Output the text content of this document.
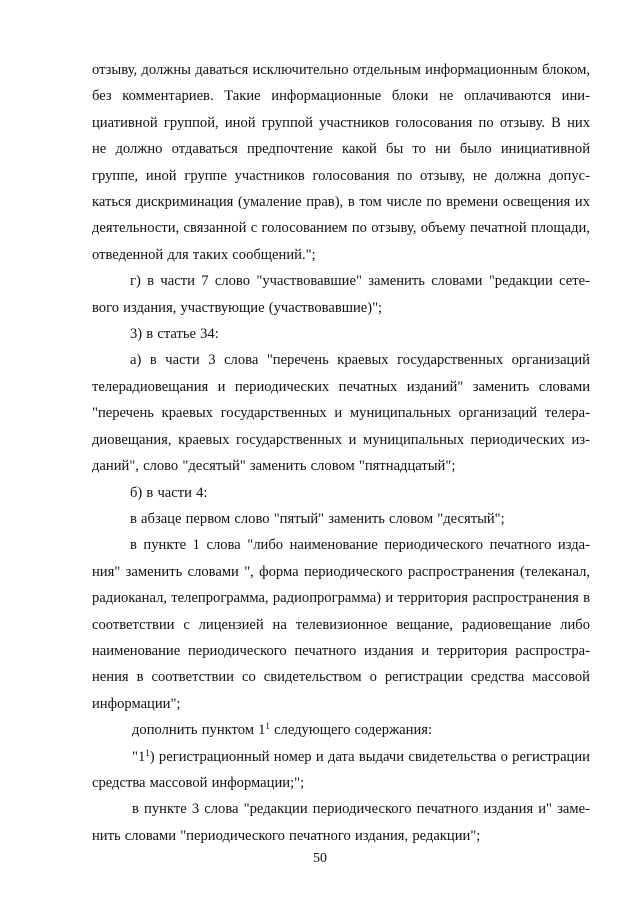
отзыву, должны даваться исключительно отдельным информационным блоком, без комментариев. Такие информационные блоки не оплачиваются инициативной группой, иной группой участников голосования по отзыву. В них не должно отдаваться предпочтение какой бы то ни было инициативной группе, иной группе участников голосования по отзыву, не должна допускаться дискриминация (умаление прав), в том числе по времени освещения их деятельности, связанной с голосованием по отзыву, объему печатной площади, отведенной для таких сообщений.";

г) в части 7 слово "участвовавшие" заменить словами "редакции сетевого издания, участвующие (участвовавшие)";

3) в статье 34:

а) в части 3 слова "перечень краевых государственных организаций телерадиовещания и периодических печатных изданий" заменить словами "перечень краевых государственных и муниципальных организаций телерадиовещания, краевых государственных и муниципальных периодических изданий", слово "десятый" заменить словом "пятнадцатый";

б) в части 4:

в абзаце первом слово "пятый" заменить словом "десятый";

в пункте 1 слова "либо наименование периодического печатного издания" заменить словами ", форма периодического распространения (телеканал, радиоканал, телепрограмма, радиопрограмма) и территория распространения в соответствии с лицензией на телевизионное вещание, радиовещание либо наименование периодического печатного издания и территория распространения в соответствии со свидетельством о регистрации средства массовой информации";

дополнить пунктом $1^1$ следующего содержания:

"$1^1$) регистрационный номер и дата выдачи свидетельства о регистрации средства массовой информации;";

в пункте 3 слова "редакции периодического печатного издания и" заменить словами "периодического печатного издания, редакции";

50
